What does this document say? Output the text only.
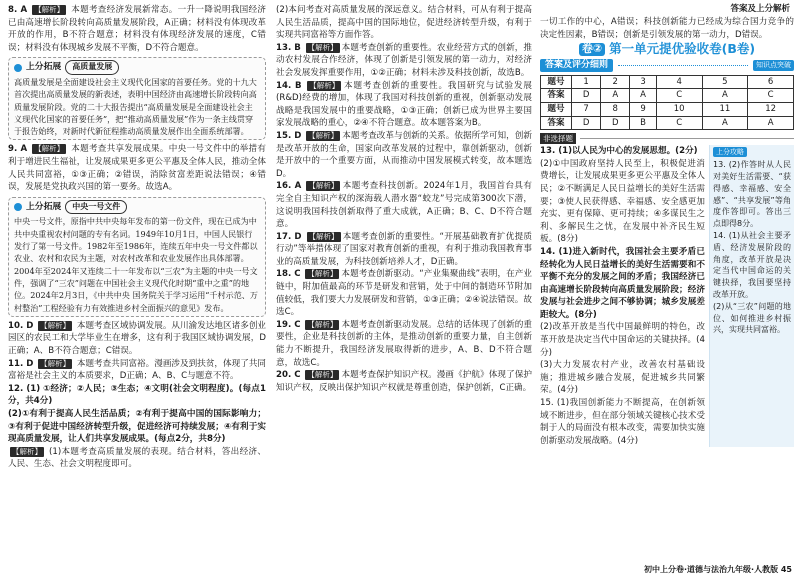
8. A 【解析】 本题考查经济发展新常态。一升一降说明我国经济已由高速增长阶段转向高质量发展阶段，A正确；材料没有体现改革开放的作用，B不符合题意；材料没有体现经济发展的速度，C错误；材料没有体现城乡发展不平衡，D不符合题意。

上分拓展	高质量发展
高质量发展是全面建设社会主义现代化国家的首要任务。党的十九大首次提出高质量发展的新表述，表明中国经济由高速增长阶段转向高质量发展阶段。党的二十大报告提出“高质量发展是全面建设社会主义现代化国家的首要任务”，把“推动高质量发展”作为一条主线贯穿于报告始终，对新时代新征程推动高质量发展作出全面系统部署。

9. A 【解析】 本题考查共享发展成果。中央一号文件中的举措有利于增进民生福祉，让发展成果更多更公平惠及全体人民，推动全体人民共同富裕，①③正确；②错误，消除贫富差距说法错误；④错误，发展是党执政兴国的第一要务。故选A。

上分拓展	中央一号文件
中央一号文件，原指中共中央每年发布的第一份文件，现在已成为中共中央重视农村问题的专有名词。1949年10月1日，中国人民银行发行了第一号文件。1982年至1986年，连续五年中央一号文件都以农业、农村和农民为主题，对农村改革和农业发展作出具体部署。2004年至2024年又连续二十一年发布以“三农”为主题的中央一号文件，强调了“三农”问题在中国社会主义现代化时期“重中之重”的地位。2024年2月3日，《中共中央 国务院关于学习运用“千村示范、万村整治”工程经验有力有效推进乡村全面振兴的意见》发布。

10. D 【解析】 本题考查区域协调发展。从川渝发达地区诸多创业园区的农民工和大学毕业生在增多，这有利于我国区域协调发展，D正确；A、B不符合题意；C错误。

11. D 【解析】 本题考查共同富裕。漫画涉及到扶贫，体现了共同富裕是社会主义的本质要求，D正确；A、B、C与题意不符。

12. (1) ①经济；②人民；③生态；④文明(社会文明程度)。(每点1分，共4分)

(2)①有利于提高人民生活品质；②有利于提高中国的国际影响力；③有利于促进中国经济转型升级，促进经济可持续发展；④有利于实现高质量发展，让人们共享发展成果。(每点2分，共8分)

【解析】 (1)本题考查高质量发展的表现。结合材料，答出经济、人民、生态、社会文明程度即可。

(2)本问考查对高质量发展的深远意义。结合材料，可从有利于提高人民生活品质，提高中国的国际地位，促进经济转型升级，有利于实现共同富裕等方面作答。

13. B 【解析】 本题考查创新的重要性。农业经营方式的创新，推动农村发展合作经济，体现了创新是引领发展的第一动力，对经济社会发展发挥重要作用，①②正确；材料未涉及科技创新，故选B。

14. B 【解析】 本题考查创新的重要性。我国研究与试验发展(R&D)经费的增加，体现了我国对科技创新的重视，创新驱动发展战略是我国发展中的重要战略，①③正确；创新已成为世界主要国家发展战略的重心，②④不符合题意。故本题答案为B。

15. D 【解析】 本题考查改革与创新的关系。依据所学可知，创新是改革开放的生命，国家向改革发展的过程中，靠创新驱动，创新是开放中的一个重要方面，从而推动中国发展模式转变，故本题选D。

16. A 【解析】 本题考查科技创新。2024年1月，我国首台具有完全自主知识产权的深海载人潜水器“蛟龙”号完成第300次下潜，这说明我国科技创新取得了重大成就，A正确；B、C、D不符合题意。

17. D 【解析】 本题考查创新的重要性。“开展基础教育扩优提质行动”等举措体现了国家对教育创新的重视，有利于推动我国教育事业的高质量发展，为科技创新培养人才，D正确。

18. C 【解析】 本题考查创新驱动。“产业集聚曲线”表明，在产业链中，附加值最高的环节是研发和营销，处于中间的制造环节附加值较低，我们要大力发展研发和营销，①③正确；②④说法错误。故选C。

19. C 【解析】 本题考查创新驱动发展。总结的话体现了创新的重要性，企业是科技创新的主体，是推动创新的重要力量，自主创新能力不断提升，我国经济发展取得新的进步，A、B、D不符合题意，故选C。

20. C 【解析】 本题考查保护知识产权。漫画《护航》体现了保护知识产权，反映出保护知识产权就是尊重创造，保护创新，C正确。

一切工作的中心，A错误；科技创新能力已经成为综合国力竞争的决定性因素，B错误；创新是引领发展的第一动力，D错误。

卷② 第一单元提优验收卷(B卷)
答案及评分细则	知识点突破
题号	1	2	3	4	5	6
答案	D	A	A	C	A	C
题号	7	8	9	10	11	12
答案	D	D	B	C	A	A
非选择题

13. (1)以人民为中心的发展思想。(2分)

(2)①中国政府坚持人民至上，积极促进消费增长，让发展成果更多更公平惠及全体人民；②不断满足人民日益增长的美好生活需要；③使人民获得感、幸福感、安全感更加充实、更有保障、更可持续；④多谋民生之利、多解民生之忧，在发展中补齐民生短板。(8分)

14. (1)进入新时代，我国社会主要矛盾已经转化为人民日益增长的美好生活需要和不平衡不充分的发展之间的矛盾；我国经济已由高速增长阶段转向高质量发展阶段；经济发展与社会进步之间不够协调；城乡发展差距较大。(8分)

(2)改革开放是当代中国最鲜明的特色，改革开放是决定当代中国命运的关键抉择。(4分)

(3)大力发展农村产业，改善农村基础设施；推进城乡融合发展，促进城乡共同繁荣。(4分)

15. (1)我国创新能力不断提高，在创新领域不断进步，但在部分领域关键核心技术受制于人的局面没有根本改变，需要加快实施创新驱动发展战略。(4分)

上分攻略

13. (2)作答时从人民对美好生活需要、“获得感、幸福感、安全感”、“共享发展”等角度作答即可。答出三点即得8分。

14. (1)从社会主要矛盾、经济发展阶段的角度，改革开放是决定当代中国命运的关键抉择，我国要坚持改革开放。

(2)从“三农”问题的地位、如何推进乡村振兴，实现共同富裕。

答案及上分解析
初中上分卷·道德与法治九年级·人教版 45
